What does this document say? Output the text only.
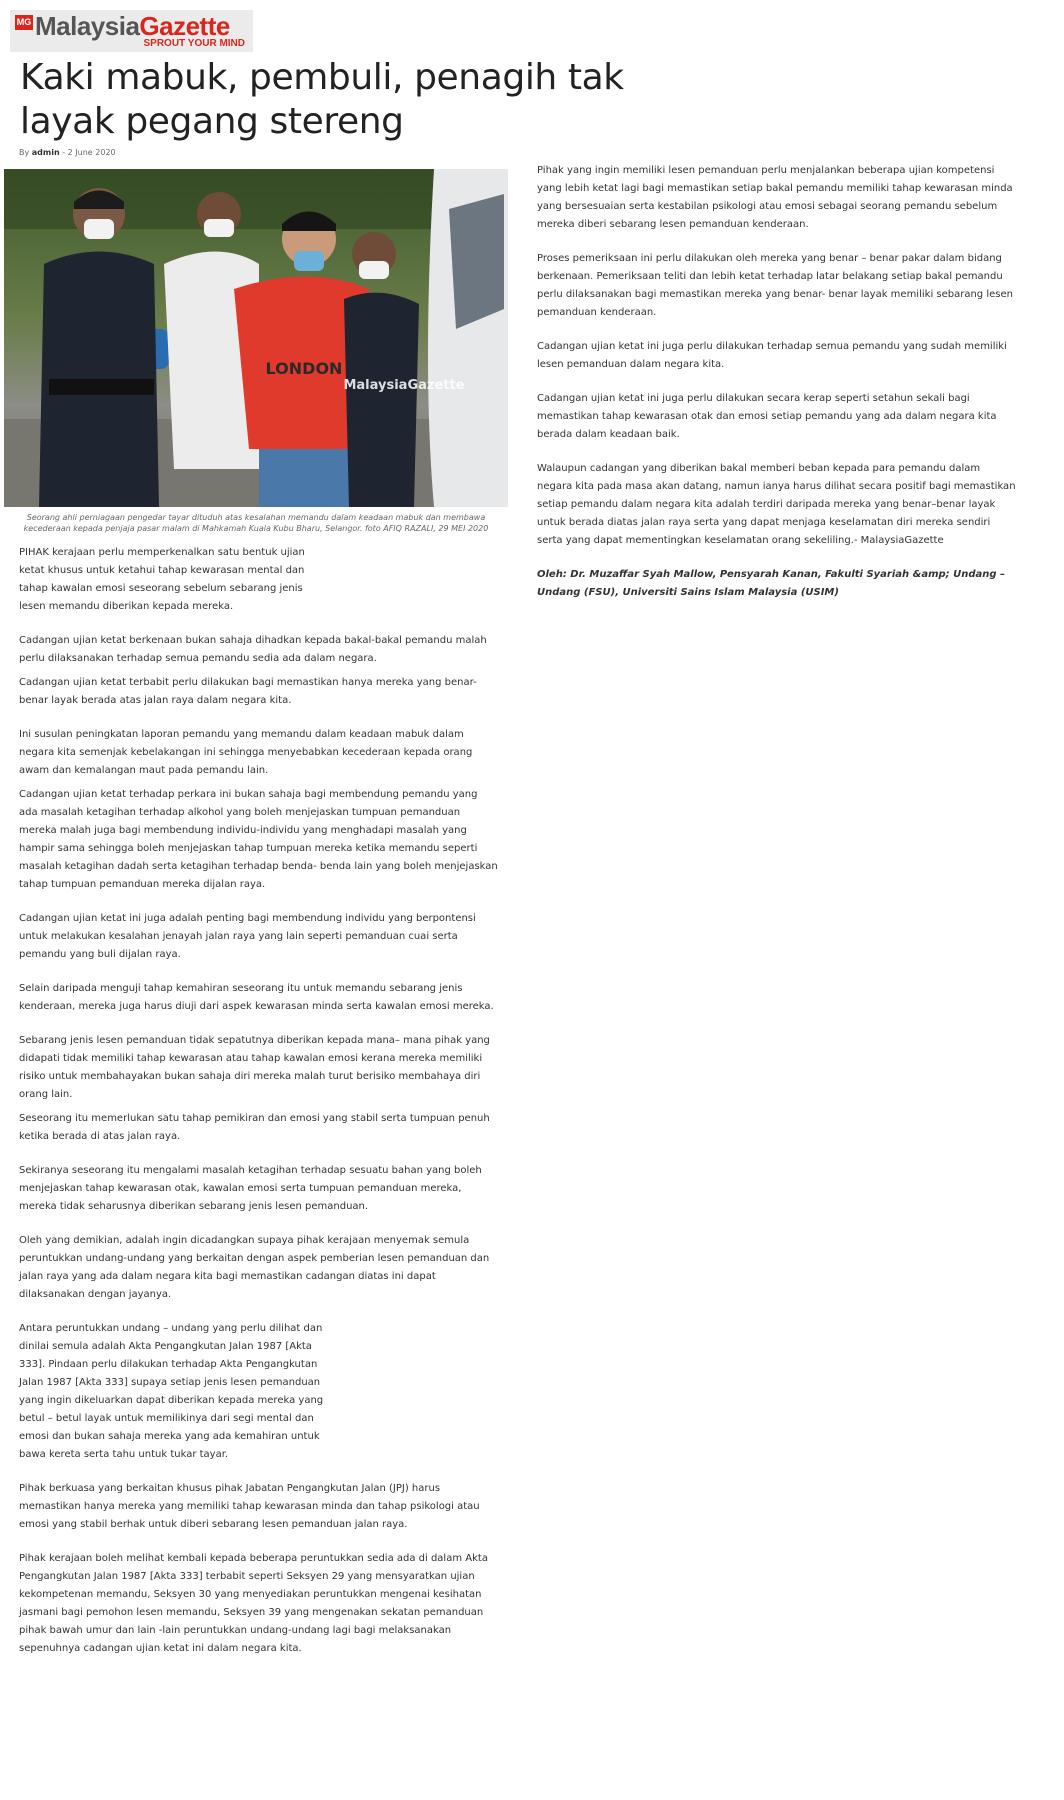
MG MalaysiaGazette
SPROUT YOUR MIND
Kaki mabuk, pembuli, penagih tak layak pegang stereng
By admin - 2 June 2020
LONDON
MalaysiaGazette

Seorang ahli perniagaan pengedar tayar dituduh atas kesalahan memandu dalam keadaan mabuk dan membawa kecederaan kepada penjaja pasar malam di Mahkamah Kuala Kubu Bharu, Selangor. foto AFIQ RAZALI, 29 MEI 2020

PIHAK kerajaan perlu memperkenalkan satu bentuk ujian ketat khusus untuk ketahui tahap kewarasan mental dan tahap kawalan emosi seseorang sebelum sebarang jenis lesen memandu diberikan kepada mereka.

Cadangan ujian ketat berkenaan bukan sahaja dihadkan kepada bakal-bakal pemandu malah perlu dilaksanakan terhadap semua pemandu sedia ada dalam negara.

Cadangan ujian ketat terbabit perlu dilakukan bagi memastikan hanya mereka yang benar-benar layak berada atas jalan raya dalam negara kita.

Ini susulan peningkatan laporan pemandu yang memandu dalam keadaan mabuk dalam negara kita semenjak kebelakangan ini sehingga menyebabkan kecederaan kepada orang awam dan kemalangan maut pada pemandu lain.

Cadangan ujian ketat terhadap perkara ini bukan sahaja bagi membendung pemandu yang ada masalah ketagihan terhadap alkohol yang boleh menjejaskan tumpuan pemanduan mereka malah juga bagi membendung individu-individu yang menghadapi masalah yang hampir sama sehingga boleh menjejaskan tahap tumpuan mereka ketika memandu seperti masalah ketagihan dadah serta ketagihan terhadap benda- benda lain yang boleh menjejaskan tahap tumpuan pemanduan mereka dijalan raya.

Cadangan ujian ketat ini juga adalah penting bagi membendung individu yang berpontensi untuk melakukan kesalahan jenayah jalan raya yang lain seperti pemanduan cuai serta pemandu yang buli dijalan raya.

Selain daripada menguji tahap kemahiran seseorang itu untuk memandu sebarang jenis kenderaan, mereka juga harus diuji dari aspek kewarasan minda serta kawalan emosi mereka.

Sebarang jenis lesen pemanduan tidak sepatutnya diberikan kepada mana– mana pihak yang didapati tidak memiliki tahap kewarasan atau tahap kawalan emosi kerana mereka memiliki risiko untuk membahayakan bukan sahaja diri mereka malah turut berisiko membahaya diri orang lain.

Seseorang itu memerlukan satu tahap pemikiran dan emosi yang stabil serta tumpuan penuh ketika berada di atas jalan raya.

Sekiranya seseorang itu mengalami masalah ketagihan terhadap sesuatu bahan yang boleh menjejaskan tahap kewarasan otak, kawalan emosi serta tumpuan pemanduan mereka, mereka tidak seharusnya diberikan sebarang jenis lesen pemanduan.

Oleh yang demikian, adalah ingin dicadangkan supaya pihak kerajaan menyemak semula peruntukkan undang-undang yang berkaitan dengan aspek pemberian lesen pemanduan dan jalan raya yang ada dalam negara kita bagi memastikan cadangan diatas ini dapat dilaksanakan dengan jayanya.

Antara peruntukkan undang – undang yang perlu dilihat dan dinilai semula adalah Akta Pengangkutan Jalan 1987 [Akta 333]. Pindaan perlu dilakukan terhadap Akta Pengangkutan Jalan 1987 [Akta 333] supaya setiap jenis lesen pemanduan yang ingin dikeluarkan dapat diberikan kepada mereka yang betul – betul layak untuk memilikinya dari segi mental dan emosi dan bukan sahaja mereka yang ada kemahiran untuk bawa kereta serta tahu untuk tukar tayar.

Pihak berkuasa yang berkaitan khusus pihak Jabatan Pengangkutan Jalan (JPJ) harus memastikan hanya mereka yang memiliki tahap kewarasan minda dan tahap psikologi atau emosi yang stabil berhak untuk diberi sebarang lesen pemanduan jalan raya.

Pihak kerajaan boleh melihat kembali kepada beberapa peruntukkan sedia ada di dalam Akta Pengangkutan Jalan 1987 [Akta 333] terbabit seperti Seksyen 29 yang mensyaratkan ujian kekompetenan memandu, Seksyen 30 yang menyediakan peruntukkan mengenai kesihatan jasmani bagi pemohon lesen memandu, Seksyen 39 yang mengenakan sekatan pemanduan pihak bawah umur dan lain -lain peruntukkan undang-undang lagi bagi melaksanakan sepenuhnya cadangan ujian ketat ini dalam negara kita.

Pihak yang ingin memiliki lesen pemanduan perlu menjalankan beberapa ujian kompetensi yang lebih ketat lagi bagi memastikan setiap bakal pemandu memiliki tahap kewarasan minda yang bersesuaian serta kestabilan psikologi atau emosi sebagai seorang pemandu sebelum mereka diberi sebarang lesen pemanduan kenderaan.

Proses pemeriksaan ini perlu dilakukan oleh mereka yang benar – benar pakar dalam bidang berkenaan. Pemeriksaan teliti dan lebih ketat terhadap latar belakang setiap bakal pemandu perlu dilaksanakan bagi memastikan mereka yang benar- benar layak memiliki sebarang lesen pemanduan kenderaan.

Cadangan ujian ketat ini juga perlu dilakukan terhadap semua pemandu yang sudah memiliki lesen pemanduan dalam negara kita.

Cadangan ujian ketat ini juga perlu dilakukan secara kerap seperti setahun sekali bagi memastikan tahap kewarasan otak dan emosi setiap pemandu yang ada dalam negara kita berada dalam keadaan baik.

Walaupun cadangan yang diberikan bakal memberi beban kepada para pemandu dalam negara kita pada masa akan datang, namun ianya harus dilihat secara positif bagi memastikan setiap pemandu dalam negara kita adalah terdiri daripada mereka yang benar–benar layak untuk berada diatas jalan raya serta yang dapat menjaga keselamatan diri mereka sendiri serta yang dapat mementingkan keselamatan orang sekeliling.- MalaysiaGazette

Oleh: Dr. Muzaffar Syah Mallow, Pensyarah Kanan, Fakulti Syariah &amp; Undang – Undang (FSU), Universiti Sains Islam Malaysia (USIM)
